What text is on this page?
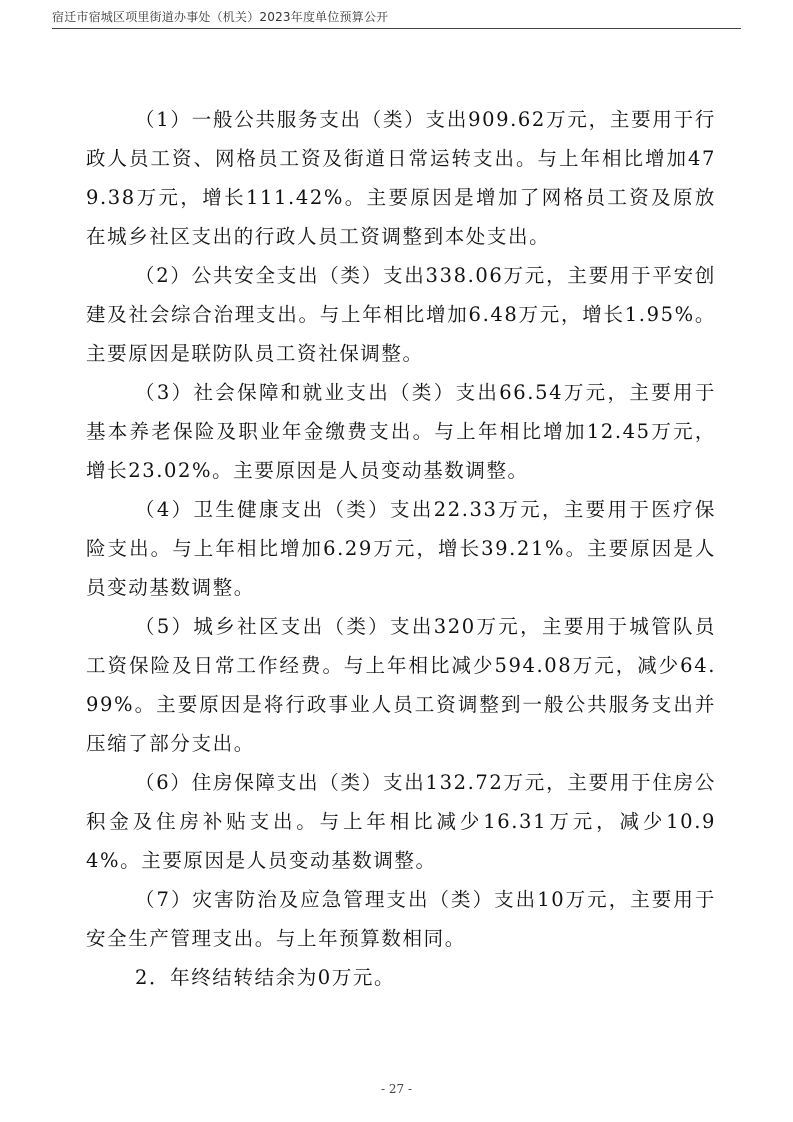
宿迁市宿城区项里街道办事处（机关）2023年度单位预算公开

（1）一般公共服务支出（类）支出909.62万元，主要用于行政人员工资、网格员工资及街道日常运转支出。与上年相比增加479.38万元，增长111.42%。主要原因是增加了网格员工资及原放在城乡社区支出的行政人员工资调整到本处支出。

（2）公共安全支出（类）支出338.06万元，主要用于平安创建及社会综合治理支出。与上年相比增加6.48万元，增长1.95%。主要原因是联防队员工资社保调整。

（3）社会保障和就业支出（类）支出66.54万元，主要用于基本养老保险及职业年金缴费支出。与上年相比增加12.45万元，增长23.02%。主要原因是人员变动基数调整。

（4）卫生健康支出（类）支出22.33万元，主要用于医疗保险支出。与上年相比增加6.29万元，增长39.21%。主要原因是人员变动基数调整。

（5）城乡社区支出（类）支出320万元，主要用于城管队员工资保险及日常工作经费。与上年相比减少594.08万元，减少64.99%。主要原因是将行政事业人员工资调整到一般公共服务支出并压缩了部分支出。

（6）住房保障支出（类）支出132.72万元，主要用于住房公积金及住房补贴支出。与上年相比减少16.31万元，减少10.94%。主要原因是人员变动基数调整。

（7）灾害防治及应急管理支出（类）支出10万元，主要用于安全生产管理支出。与上年预算数相同。

2．年终结转结余为0万元。

- 27 -
